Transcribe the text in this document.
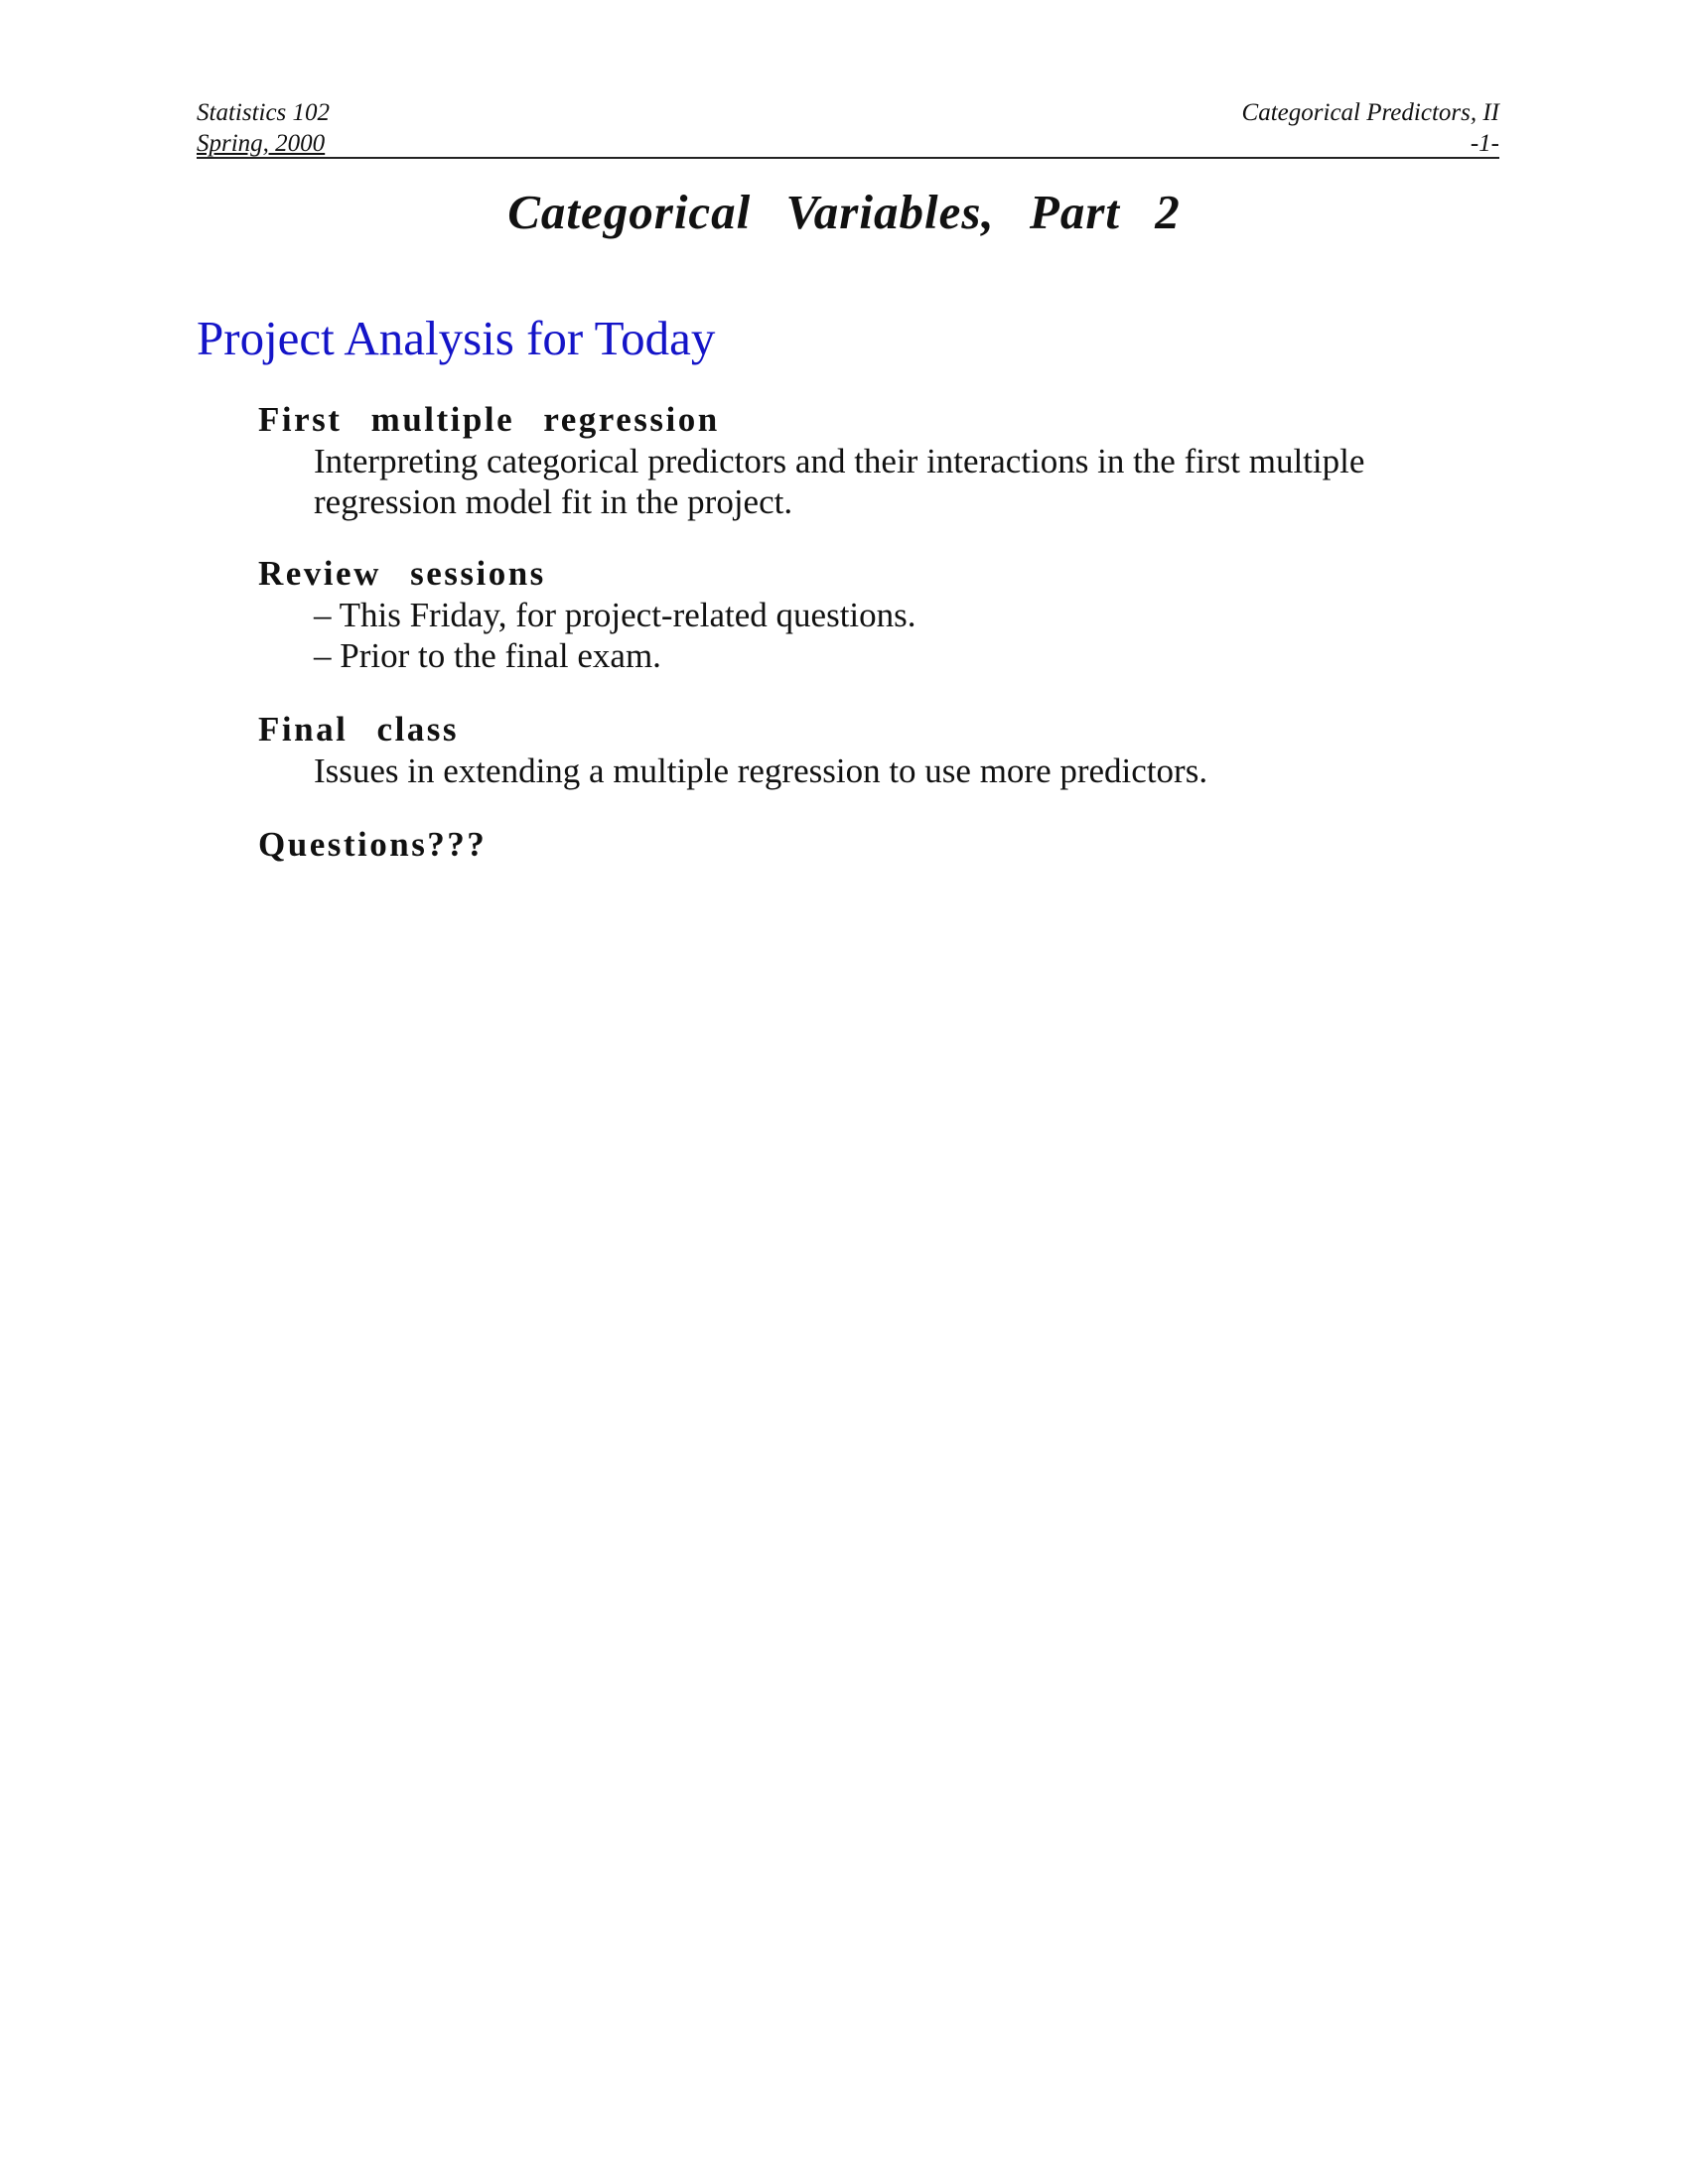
Statistics 102
Spring, 2000
Categorical Predictors, II
-1-
Categorical Variables, Part 2
Project Analysis for Today
First multiple regression
Interpreting categorical predictors and their interactions in the first multiple
regression model fit in the project.
Review sessions
– This Friday, for project-related questions.
– Prior to the final exam.
Final class
Issues in extending a multiple regression to use more predictors.
Questions???
